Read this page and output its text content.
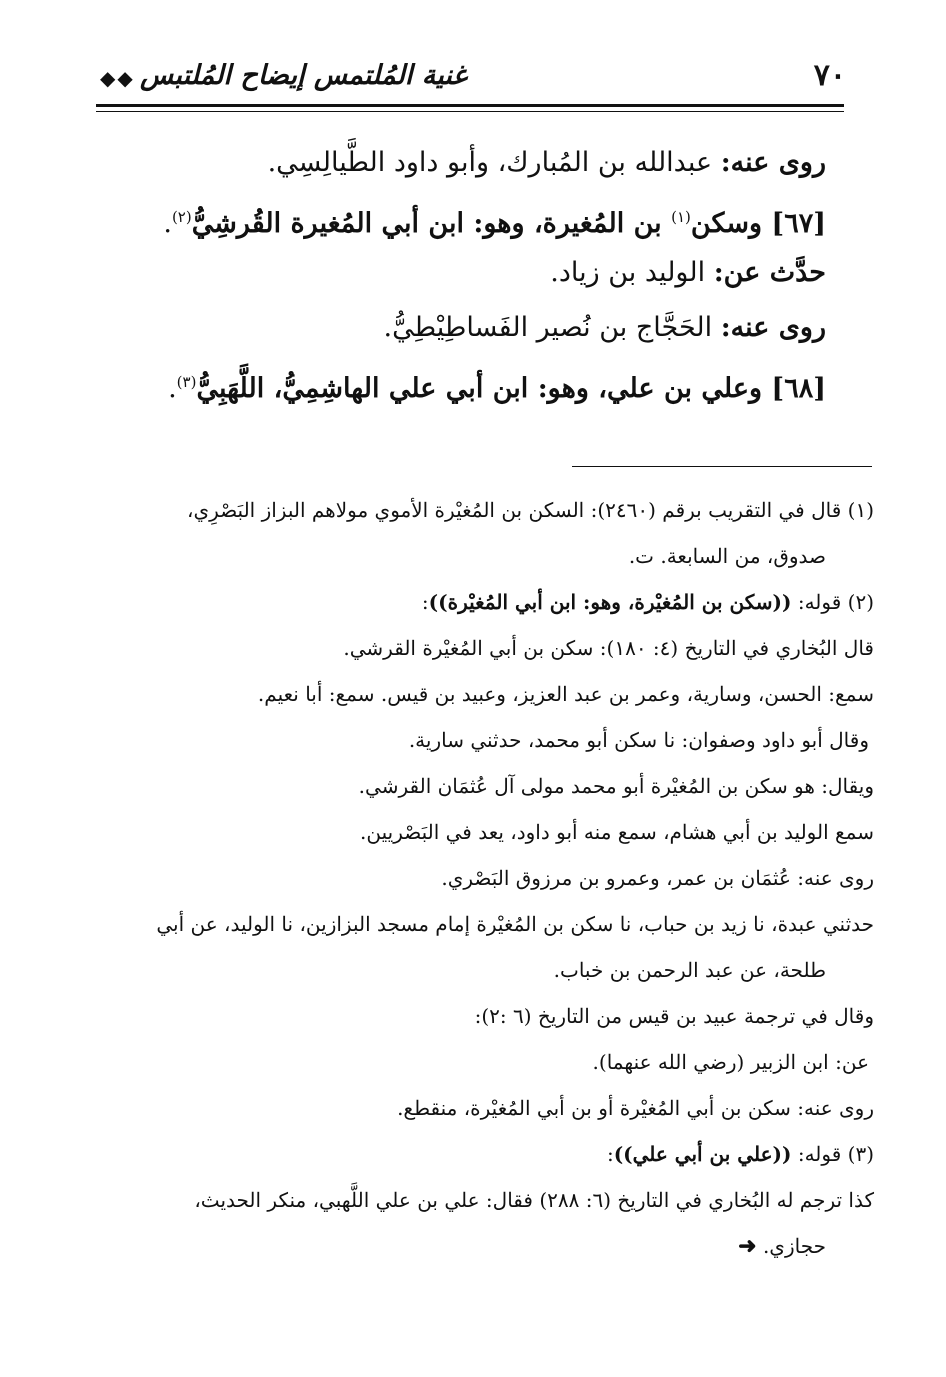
٧٠
غنية المُلتمس إيضاح المُلتبس
◆◆
روى عنه: عبدالله بن المُبارك، وأبو داود الطَّيالِسِي.
[٦٧] وسكن$^{(١)}$ بن المُغيرة، وهو: ابن أبي المُغيرة القُرشِيُّ$^{(٢)}$.
حدَّث عن: الوليد بن زياد.
روى عنه: الحَجَّاج بن نُصير الفَساطِيْطِيُّ.
[٦٨] وعلي بن علي، وهو: ابن أبي علي الهاشِمِيُّ، اللَّهَبِيُّ$^{(٣)}$.
(١) قال في التقريب برقم (٢٤٦٠): السكن بن المُغيْرة الأموي مولاهم البزاز البَصْرِي،
صدوق، من السابعة. ت.
(٢) قوله: ((سكن بن المُغيْرة، وهو: ابن أبي المُغيْرة)):
قال البُخاري في التاريخ (٤: ١٨٠): سكن بن أبي المُغيْرة القرشي.
سمع: الحسن، وسارية، وعمر بن عبد العزيز، وعبيد بن قيس. سمع: أبا نعيم.
وقال أبو داود وصفوان: نا سكن أبو محمد، حدثني سارية.
ويقال: هو سكن بن المُغيْرة أبو محمد مولى آل عُثمَان القرشي.
سمع الوليد بن أبي هشام، سمع منه أبو داود، يعد في البَصْريين.
روى عنه: عُثمَان بن عمر، وعمرو بن مرزوق البَصْري.
حدثني عبدة، نا زيد بن حباب، نا سكن بن المُغيْرة إمام مسجد البزازين، نا الوليد، عن أبي
طلحة، عن عبد الرحمن بن خباب.
وقال في ترجمة عبيد بن قيس من التاريخ (٦ :٢):
عن: ابن الزبير (رضي الله عنهما).
روى عنه: سكن بن أبي المُغيْرة أو بن أبي المُغيْرة، منقطع.
(٣) قوله: ((علي بن أبي علي)):
كذا ترجم له البُخاري في التاريخ (٦: ٢٨٨) فقال: علي بن علي اللَّهبي، منكر الحديث،
حجازي. ➜
